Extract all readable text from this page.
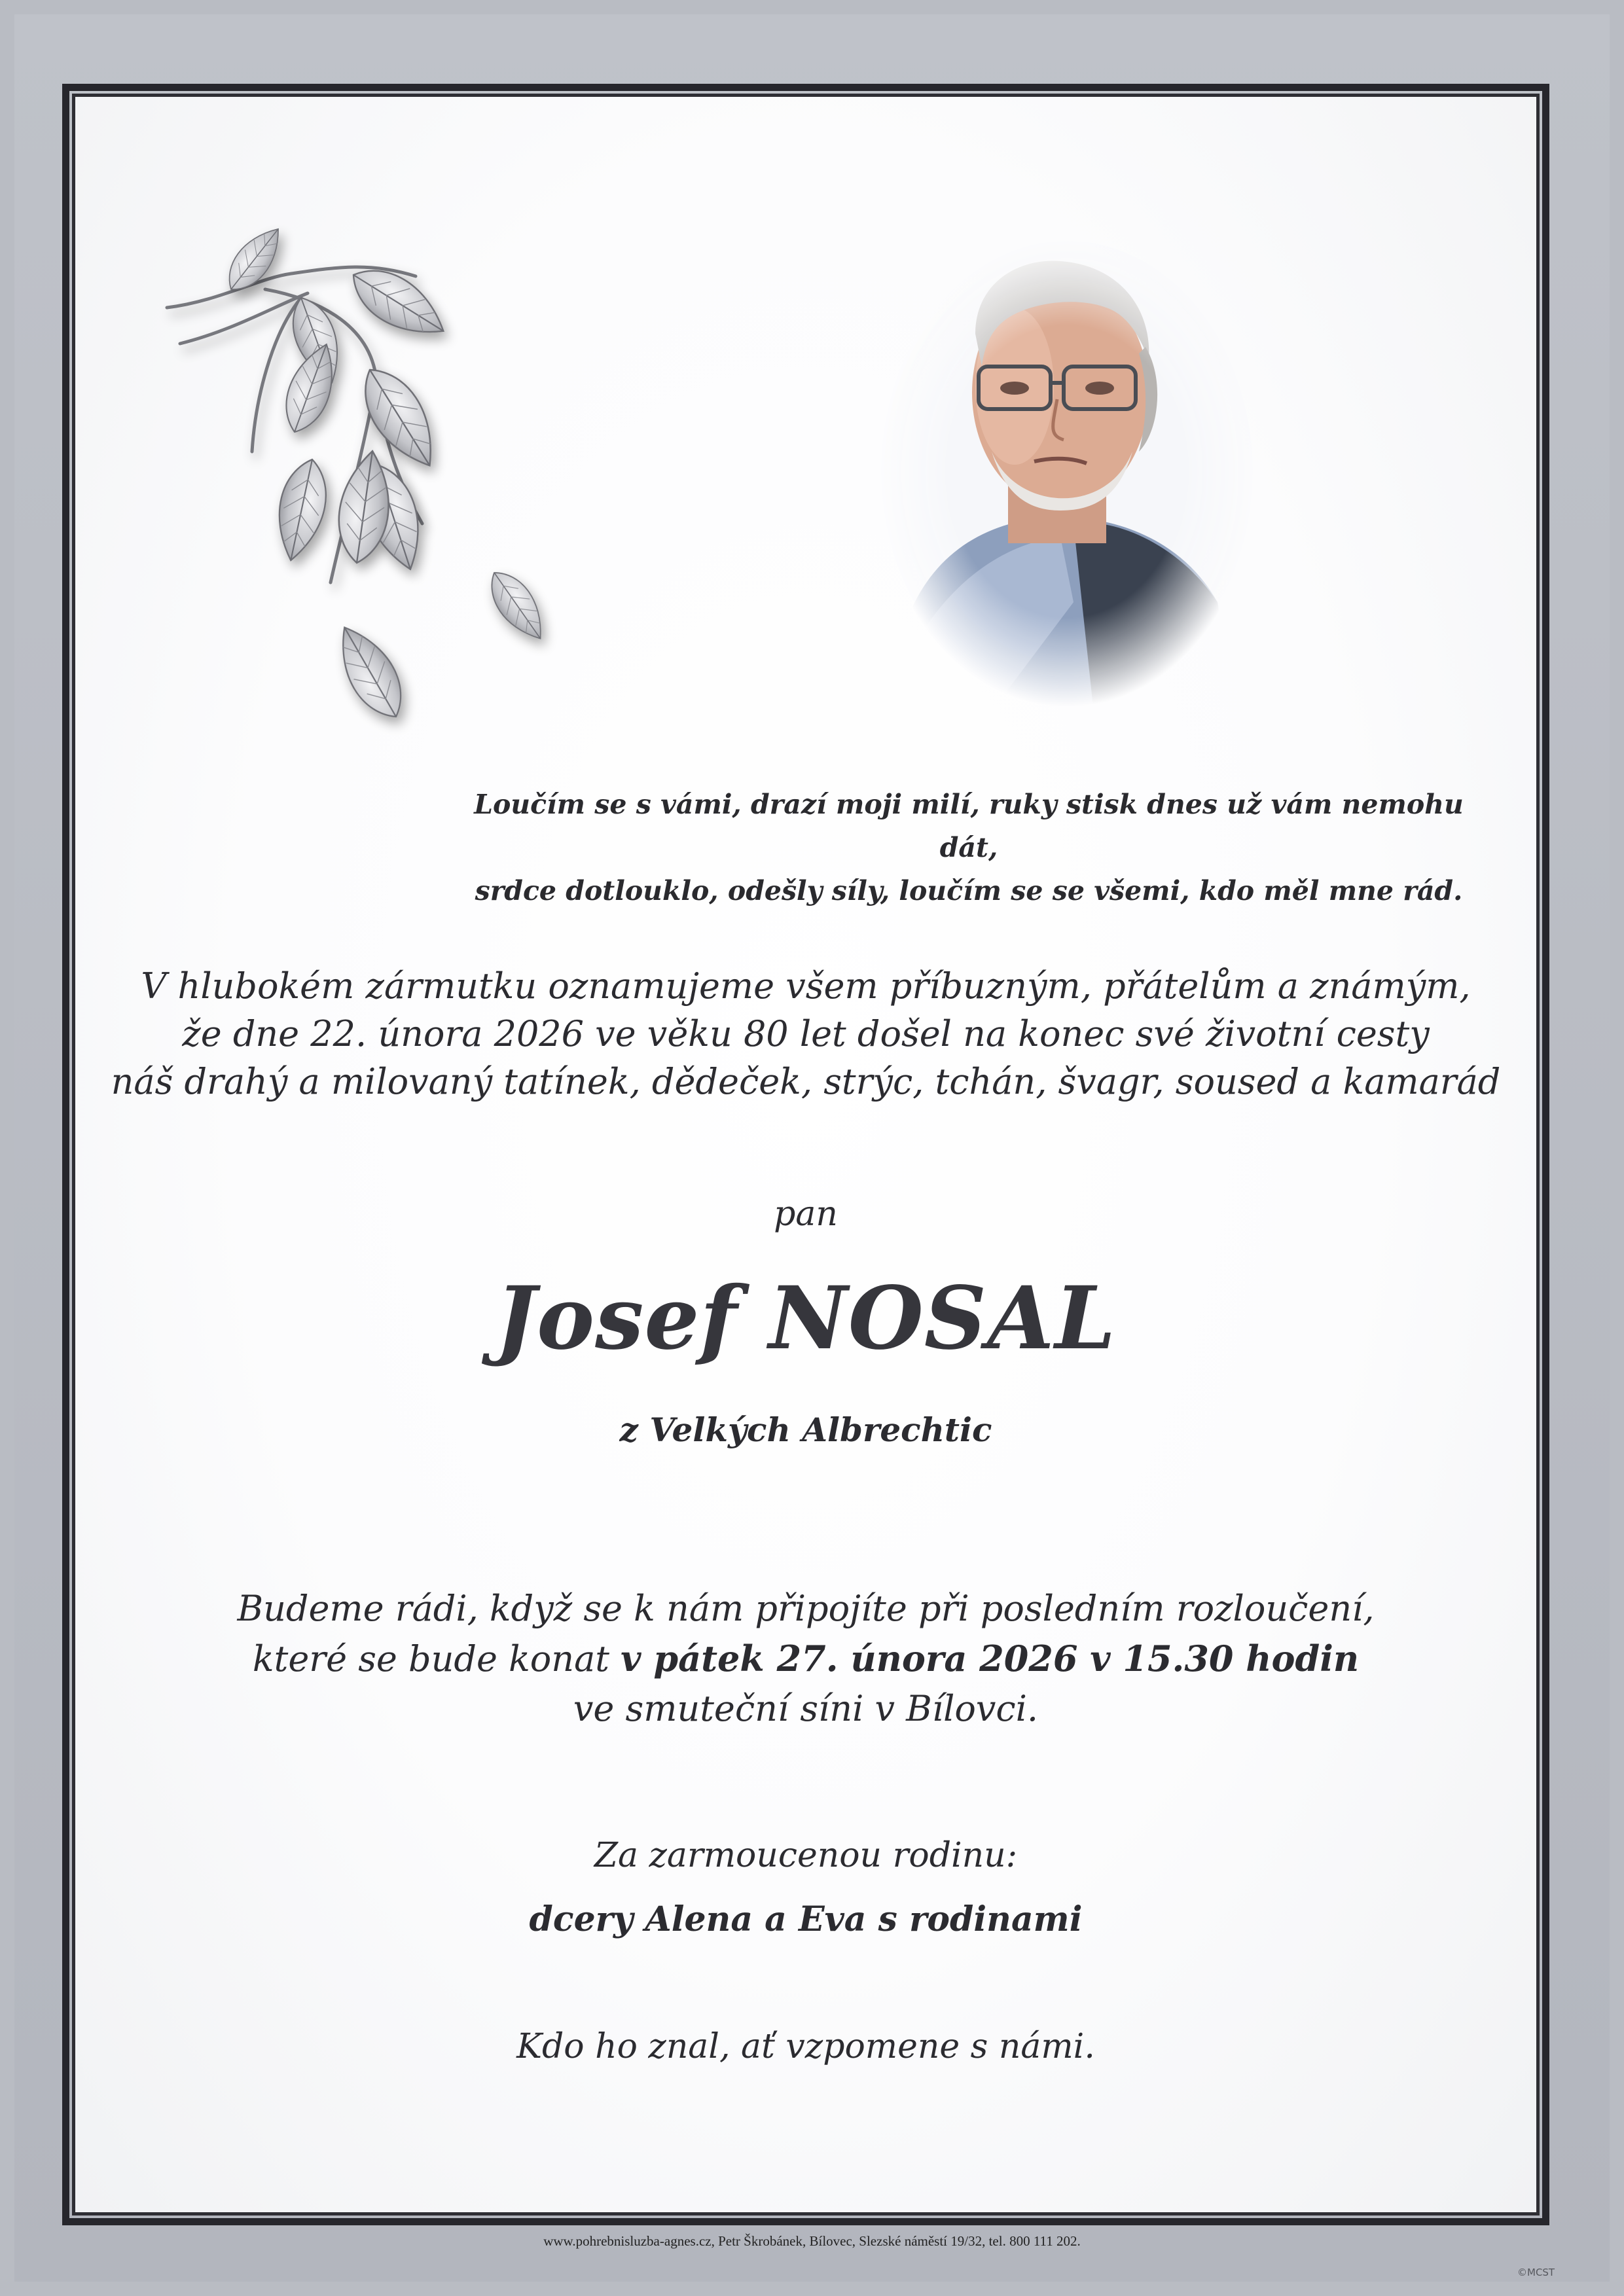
Loučím se s vámi, drazí moji milí, ruky stisk dnes už vám nemohu dát,
srdce dotlouklo, odešly síly, loučím se se všemi, kdo měl mne rád.
V hlubokém zármutku oznamujeme všem příbuzným, přátelům a známým,
že dne 22. února 2026 ve věku 80 let došel na konec své životní cesty
náš drahý a milovaný tatínek, dědeček, strýc, tchán, švagr, soused a kamarád
pan
Josef NOSAL
z Velkých Albrechtic
Budeme rádi, když se k nám připojíte při posledním rozloučení,
které se bude konat v pátek 27. února 2026 v 15.30 hodin
ve smuteční síni v Bílovci.
Za zarmoucenou rodinu:
dcery Alena a Eva s rodinami
Kdo ho znal, ať vzpomene s námi.
www.pohrebnisluzba-agnes.cz, Petr Škrobánek, Bílovec, Slezské náměstí 19/32, tel. 800 111 202.
©MCST
